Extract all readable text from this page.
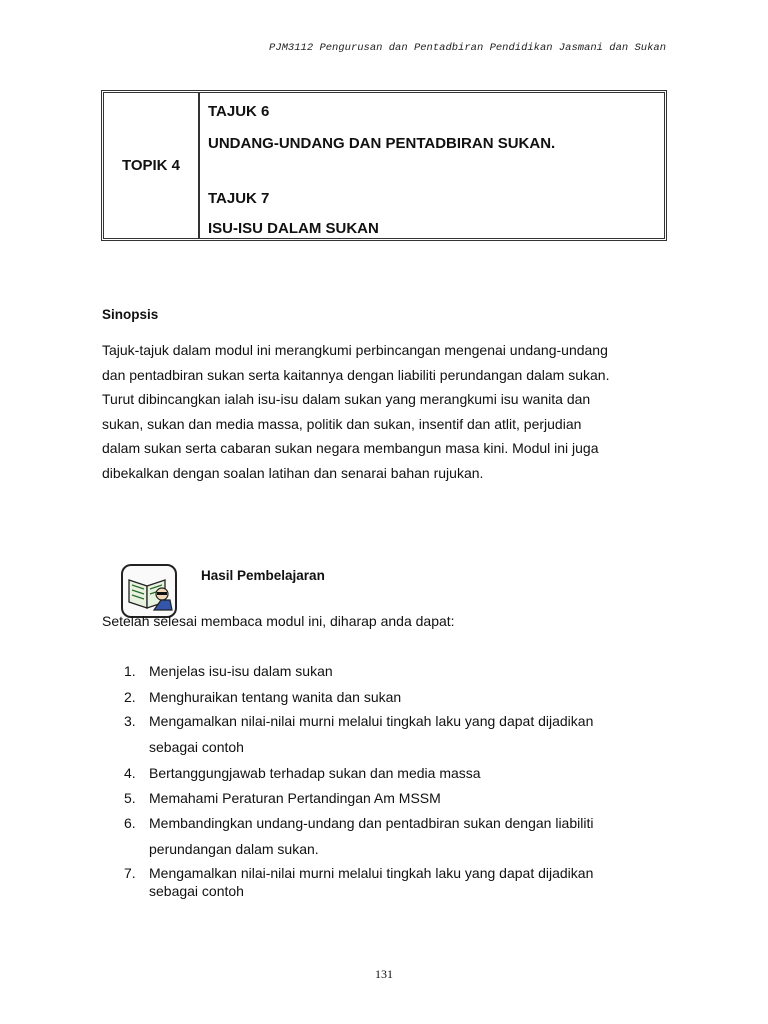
PJM3112 Pengurusan dan Pentadbiran Pendidikan Jasmani dan Sukan
TOPIK 4
TAJUK 6
UNDANG-UNDANG DAN PENTADBIRAN SUKAN.
TAJUK 7
ISU-ISU DALAM SUKAN
Sinopsis
Tajuk-tajuk dalam modul ini merangkumi perbincangan mengenai undang-undang
dan pentadbiran sukan serta kaitannya dengan liabiliti perundangan dalam sukan.
Turut dibincangkan ialah isu-isu dalam sukan yang merangkumi isu wanita dan
sukan, sukan dan media massa, politik dan sukan, insentif dan atlit, perjudian
dalam sukan serta cabaran sukan negara membangun masa kini. Modul ini juga
dibekalkan dengan soalan latihan dan senarai bahan rujukan.
Hasil Pembelajaran
Setelah selesai membaca modul ini, diharap anda dapat:
1. Menjelas isu-isu dalam sukan
2. Menghuraikan tentang wanita dan sukan
3. Mengamalkan nilai-nilai murni melalui tingkah laku yang dapat dijadikan
sebagai contoh
4. Bertanggungjawab terhadap sukan dan media massa
5. Memahami Peraturan Pertandingan Am MSSM
6. Membandingkan undang-undang dan pentadbiran sukan dengan liabiliti
perundangan dalam sukan.
7. Mengamalkan nilai-nilai murni melalui tingkah laku yang dapat dijadikan
sebagai contoh
131
